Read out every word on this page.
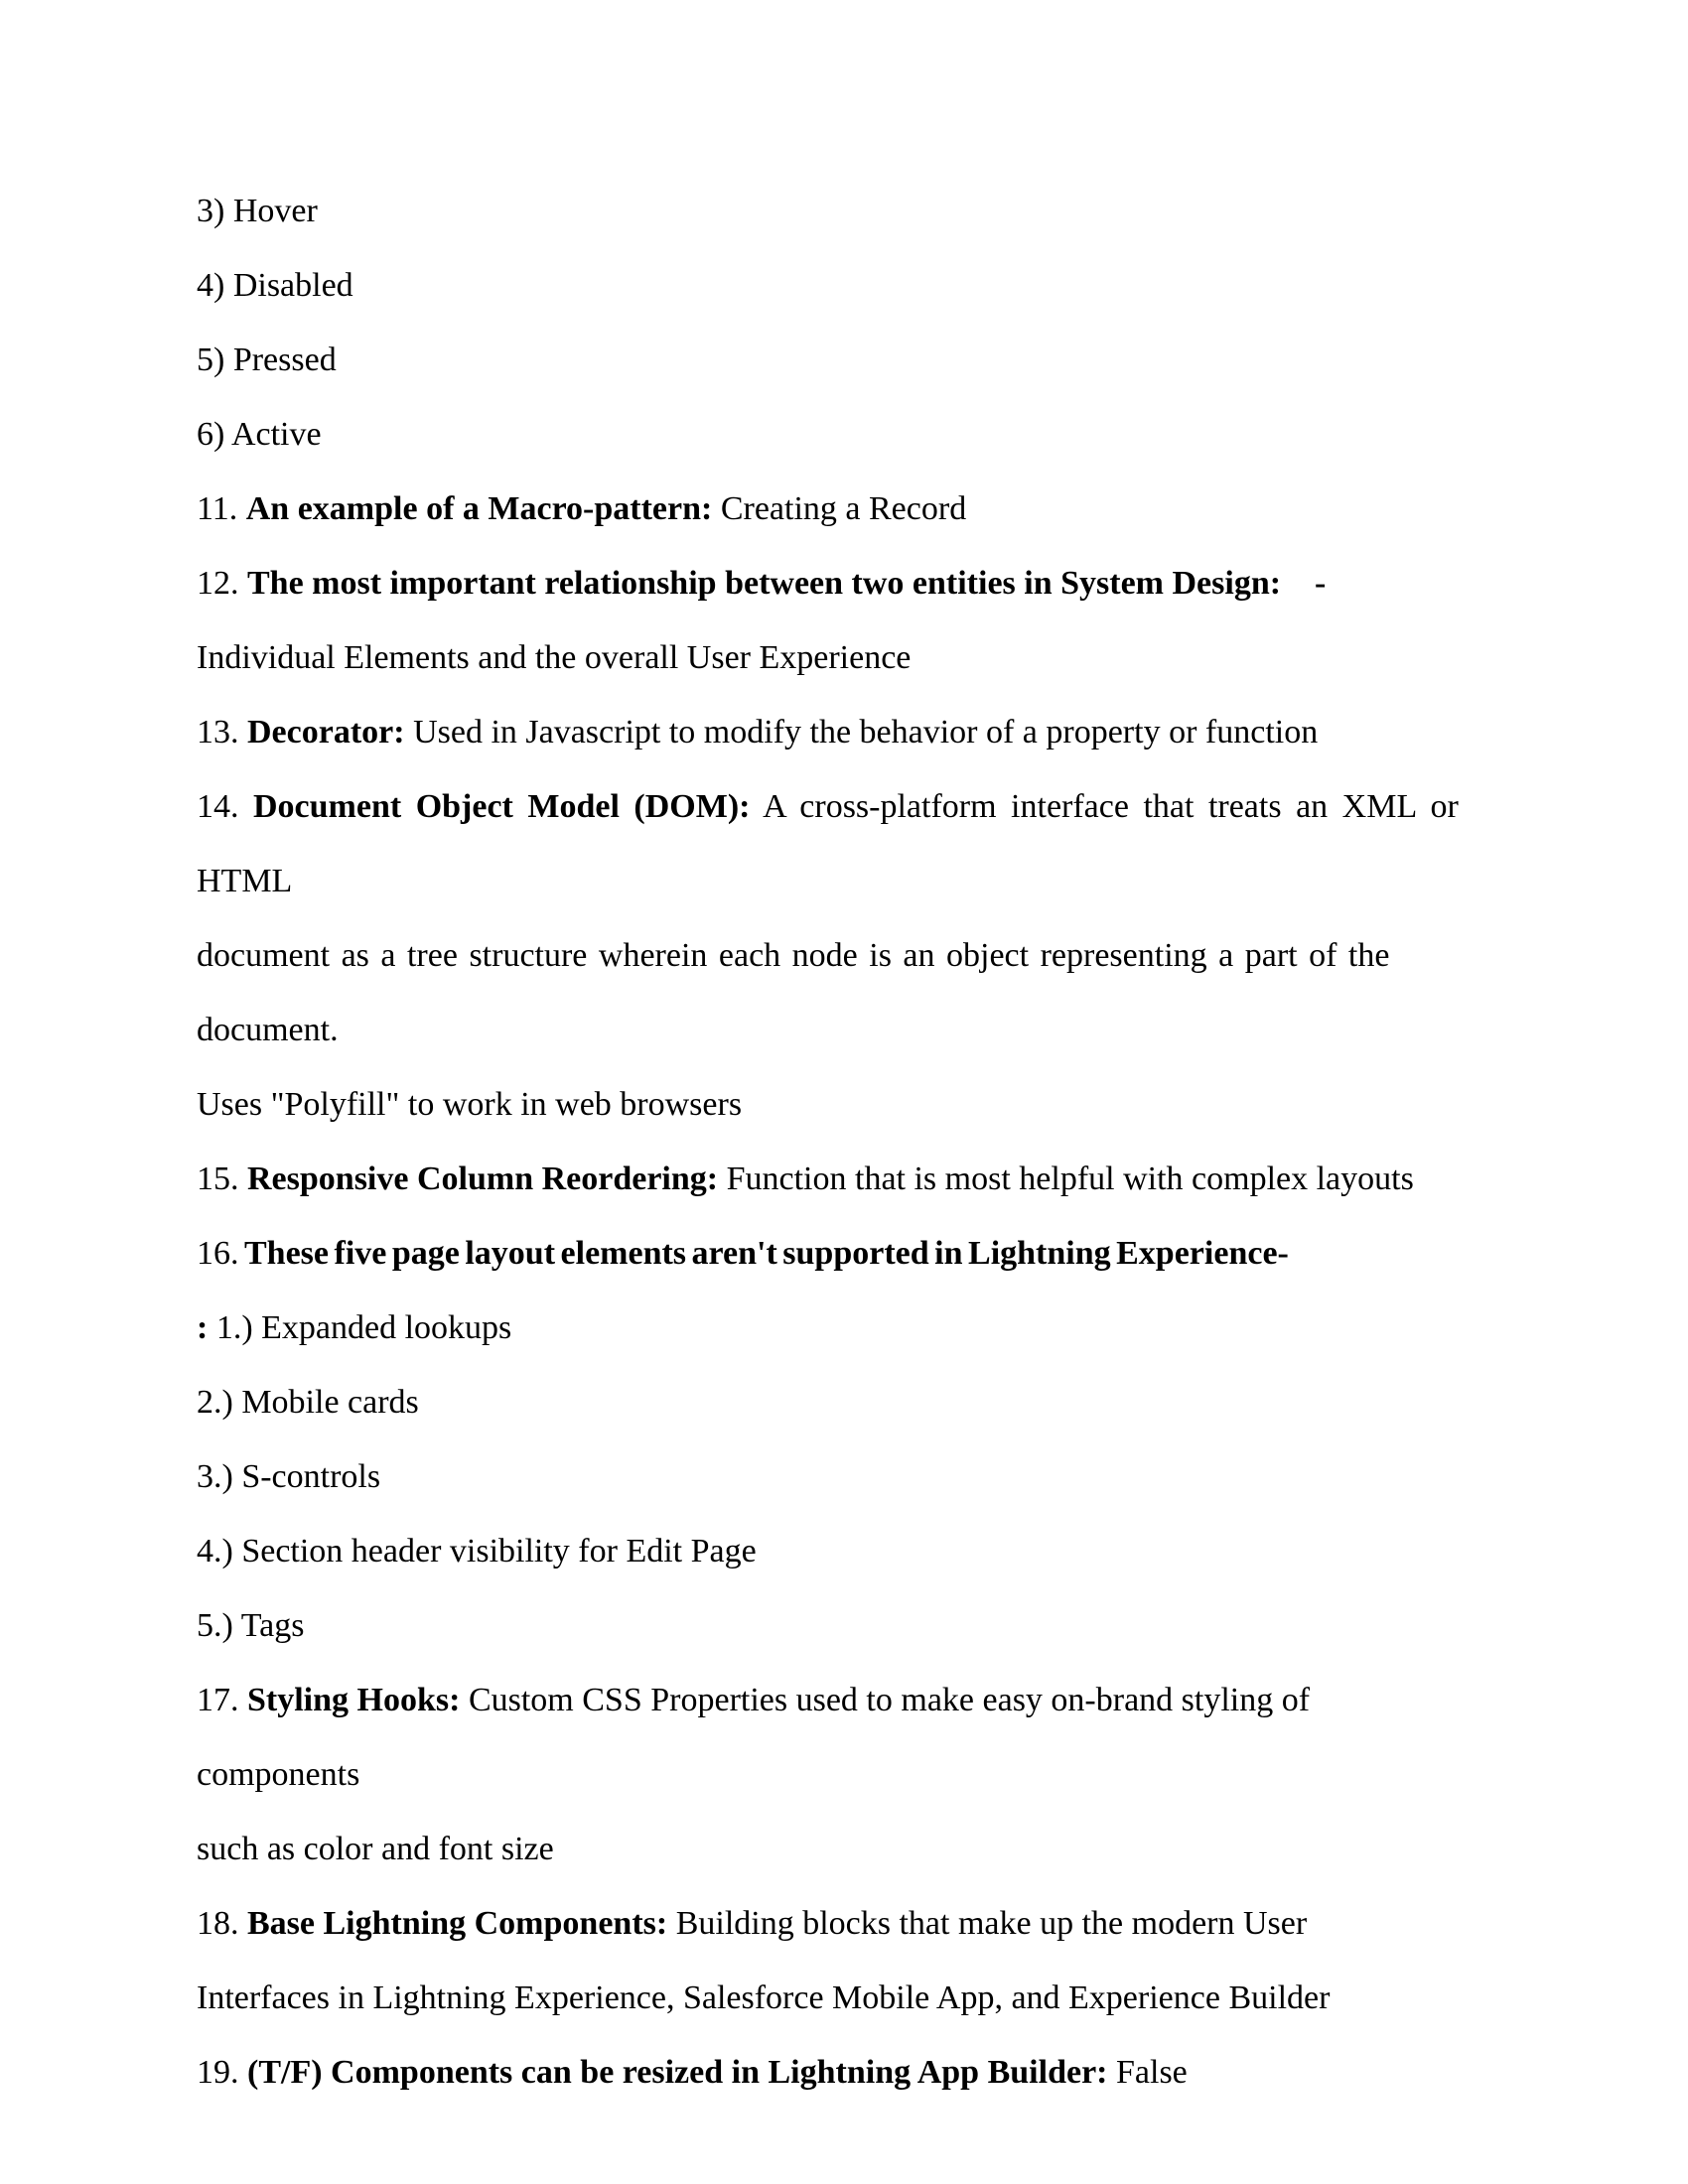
3) Hover
4) Disabled
5) Pressed
6) Active
11. An example of a Macro-pattern: Creating a Record
12. The most important relationship between two entities in System Design:    -
Individual Elements and the overall User Experience
13. Decorator: Used in Javascript to modify the behavior of a property or function
14. Document Object Model (DOM): A cross-platform interface that treats an XML or HTML
document as a tree structure wherein each node is an object representing a part of the document.
Uses "Polyfill" to work in web browsers
15. Responsive Column Reordering: Function that is most helpful with complex layouts
16. These five page layout elements aren't supported in Lightning Experience-
: 1.) Expanded lookups
2.) Mobile cards
3.) S-controls
4.) Section header visibility for Edit Page
5.) Tags
17. Styling Hooks: Custom CSS Properties used to make easy on-brand styling of components
such as color and font size
18. Base Lightning Components: Building blocks that make up the modern User
Interfaces in Lightning Experience, Salesforce Mobile App, and Experience Builder
19. (T/F) Components can be resized in Lightning App Builder: False
